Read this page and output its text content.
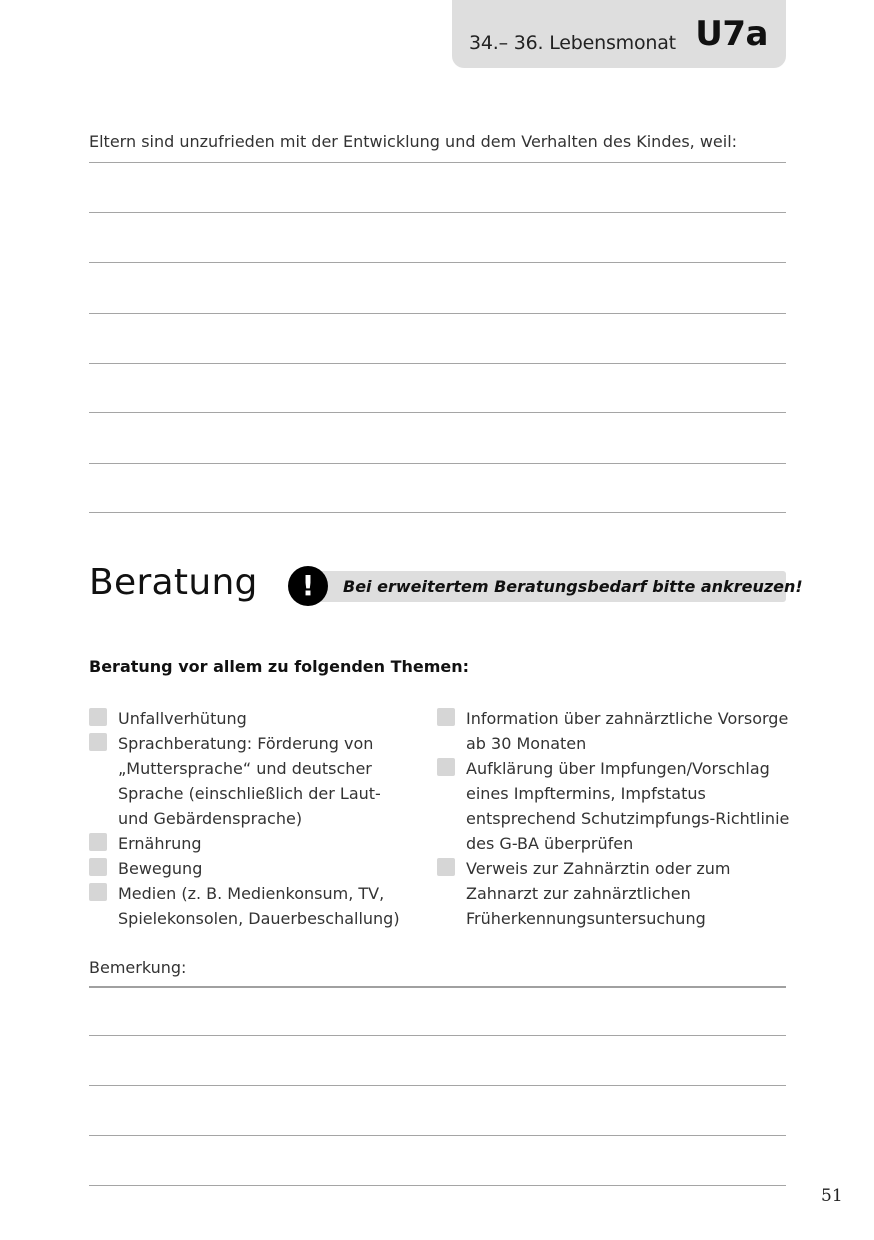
34.– 36. Lebensmonat U7a
Eltern sind unzufrieden mit der Entwicklung und dem Verhalten des Kindes, weil:
Beratung	Bei erweitertem Beratungsbedarf bitte ankreuzen!
!
Beratung vor allem zu folgenden Themen:
Unfallverhütung
Sprachberatung: Förderung von „Muttersprache“ und deutscher Sprache (einschließlich der Laut- und Gebärdensprache)
Ernährung
Bewegung
Medien (z. B. Medienkonsum, TV, Spielekonsolen, Dauerbeschallung)
Information über zahnärztliche Vorsorge ab 30 Monaten
Aufklärung über Impfungen/Vorschlag eines Impftermins, Impfstatus entsprechend Schutzimpfungs-Richtlinie des G-BA überprüfen
Verweis zur Zahnärztin oder zum Zahnarzt zur zahnärztlichen Früherkennungsuntersuchung
Bemerkung:
51
